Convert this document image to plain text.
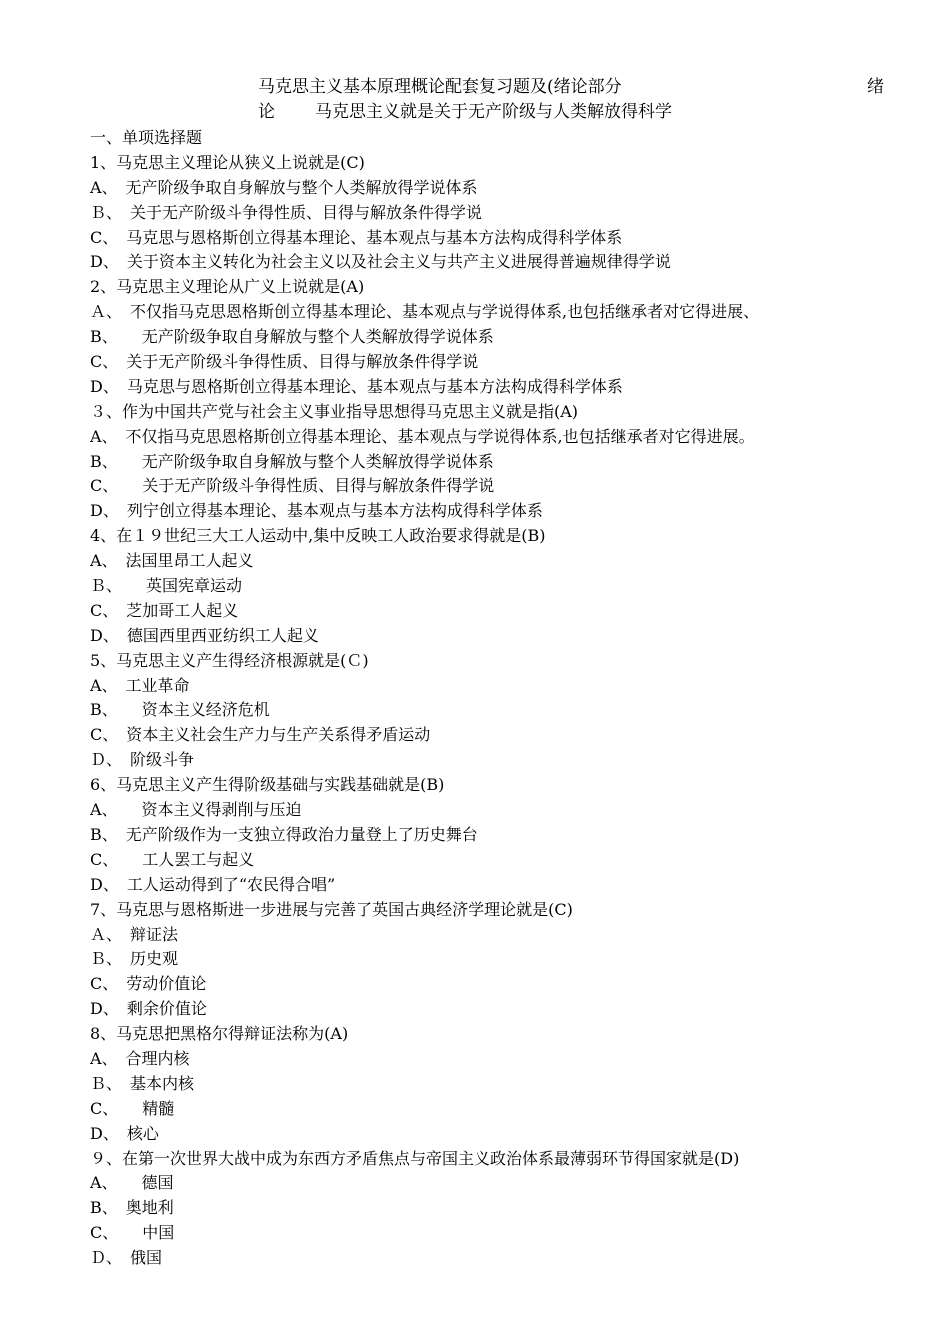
马克思主义基本原理概论配套复习题及(绪论部分	绪
论 马克思主义就是关于无产阶级与人类解放得科学
一、单项选择题
1、马克思主义理论从狭义上说就是(C)
A、　无产阶级争取自身解放与整个人类解放得学说体系
Ｂ、　关于无产阶级斗争得性质、目得与解放条件得学说
C、　马克思与恩格斯创立得基本理论、基本观点与基本方法构成得科学体系
D、　关于资本主义转化为社会主义以及社会主义与共产主义进展得普遍规律得学说
2、马克思主义理论从广义上说就是(A)
Ａ、　不仅指马克思恩格斯创立得基本理论、基本观点与学说得体系,也包括继承者对它得进展、
B、　　无产阶级争取自身解放与整个人类解放得学说体系
C、　关于无产阶级斗争得性质、目得与解放条件得学说
D、　马克思与恩格斯创立得基本理论、基本观点与基本方法构成得科学体系
３、作为中国共产党与社会主义事业指导思想得马克思主义就是指(A)
A、　不仅指马克思恩格斯创立得基本理论、基本观点与学说得体系,也包括继承者对它得进展。
B、　　无产阶级争取自身解放与整个人类解放得学说体系
C、　　关于无产阶级斗争得性质、目得与解放条件得学说
D、　列宁创立得基本理论、基本观点与基本方法构成得科学体系
4、在１９世纪三大工人运动中,集中反映工人政治要求得就是(B)
A、　法国里昂工人起义
Ｂ、　　英国宪章运动
C、　芝加哥工人起义
D、　德国西里西亚纺织工人起义
5、马克思主义产生得经济根源就是(Ｃ)
A、　工业革命
B、　　资本主义经济危机
C、　资本主义社会生产力与生产关系得矛盾运动
Ｄ、　阶级斗争
6、马克思主义产生得阶级基础与实践基础就是(B)
A、　　资本主义得剥削与压迫
B、　无产阶级作为一支独立得政治力量登上了历史舞台
C、　　工人罢工与起义
D、　工人运动得到了“农民得合唱”
7、马克思与恩格斯进一步进展与完善了英国古典经济学理论就是(C)
Ａ、　辩证法
Ｂ、　历史观
C、　劳动价值论
D、　剩余价值论
8、马克思把黑格尔得辩证法称为(A)
A、　合理内核
Ｂ、　基本内核
C、　　精髓
D、　核心
９、在第一次世界大战中成为东西方矛盾焦点与帝国主义政治体系最薄弱环节得国家就是(D)
A、　　德国
B、　奥地利
C、　　中国
Ｄ、　俄国
